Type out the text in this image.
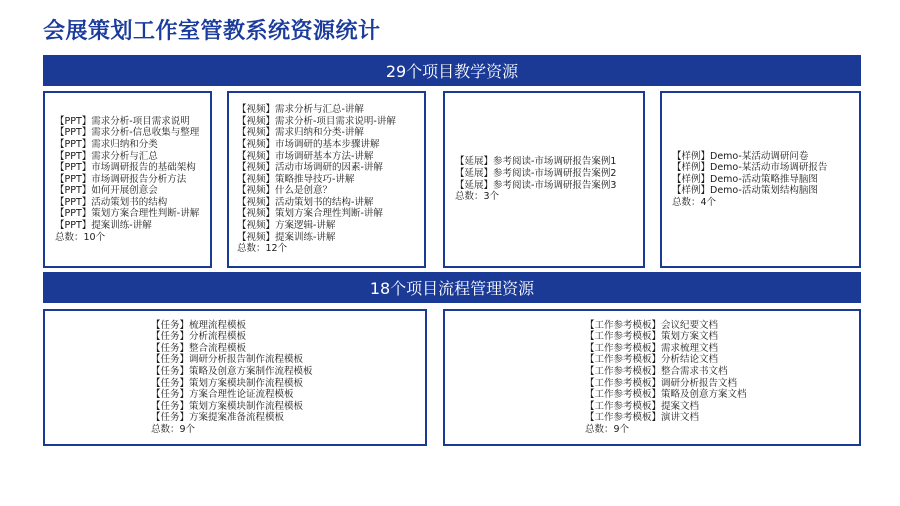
会展策划工作室管教系统资源统计
29个项目教学资源
【PPT】需求分析-项目需求说明
【PPT】需求分析-信息收集与整理
【PPT】需求归纳和分类
【PPT】需求分析与汇总
【PPT】市场调研报告的基础架构
【PPT】市场调研报告分析方法
【PPT】如何开展创意会
【PPT】活动策划书的结构
【PPT】策划方案合理性判断-讲解
【PPT】提案训练-讲解
总数：10个
【视频】需求分析与汇总-讲解
【视频】需求分析-项目需求说明-讲解
【视频】需求归纳和分类-讲解
【视频】市场调研的基本步骤讲解
【视频】市场调研基本方法-讲解
【视频】活动市场调研的因素-讲解
【视频】策略推导技巧-讲解
【视频】什么是创意？
【视频】活动策划书的结构-讲解
【视频】策划方案合理性判断-讲解
【视频】方案逻辑-讲解
【视频】提案训练-讲解
总数：12个
【延展】参考阅读-市场调研报告案例1
【延展】参考阅读-市场调研报告案例2
【延展】参考阅读-市场调研报告案例3
总数：3个
【样例】Demo-某活动调研问卷
【样例】Demo-某活动市场调研报告
【样例】Demo-活动策略推导脑图
【样例】Demo-活动策划结构脑图
总数：4个
18个项目流程管理资源
【任务】梳理流程模板
【任务】分析流程模板
【任务】整合流程模板
【任务】调研分析报告制作流程模板
【任务】策略及创意方案制作流程模板
【任务】策划方案模块制作流程模板
【任务】方案合理性论证流程模板
【任务】策划方案模块制作流程模板
【任务】方案提案准备流程模板
总数：9个
【工作参考模板】会议纪要文档
【工作参考模板】策划方案文档
【工作参考模板】需求梳理文档
【工作参考模板】分析结论文档
【工作参考模板】整合需求书文档
【工作参考模板】调研分析报告文档
【工作参考模板】策略及创意方案文档
【工作参考模板】提案文档
【工作参考模板】演讲文档
总数：9个
